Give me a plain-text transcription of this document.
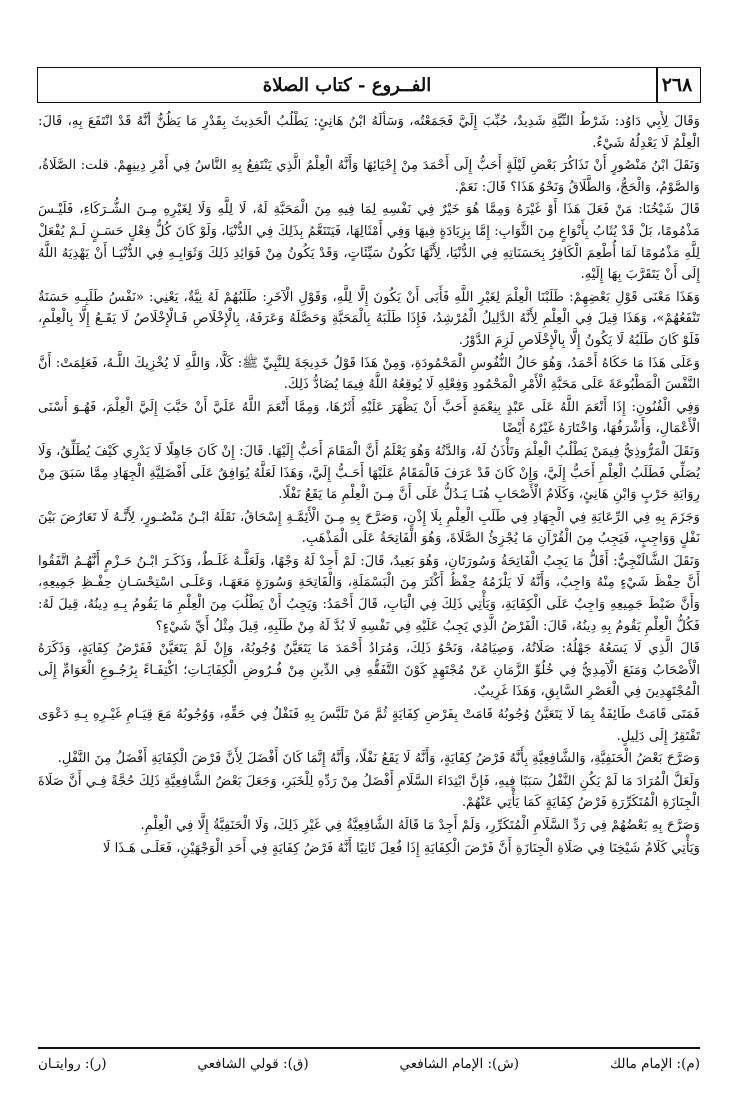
٢٦٨
الفــروع - كتاب الصلاة

وَقَالَ لِأَبِي دَاوُد: شَرْطُ النِّيَّةِ شَدِيدٌ، حُبِّبَ إِلَيَّ فَجَمَعْتُه، وَسَأَلَهُ ابْنُ هَانِئٍ: يَطْلُبُ الْحَدِيثَ بِقَدْرِ مَا يَظُنُّ أَنَّهُ قَدْ انْتَفَعَ بِهِ، قَالَ: الْعِلْمُ لَا يَعْدِلُهُ شَيْءٌ.

وَنَقَلَ ابْنُ مَنْصُورٍ أَنْ تَذَاكُرَ بَعْضِ لَيْلَةٍ أَحَبُّ إِلَى أَحْمَدَ مِنْ إِحْيَائِهَا وَأَنَّهُ الْعِلْمُ الَّذِي يَنْتَفِعُ بِهِ النَّاسُ فِي أَمْرِ دِينِهِمْ. قلت: الصَّلَاةُ، وَالصَّوْمُ، وَالْحَجُّ، وَالطَّلَاقُ وَنَحْوُ هَذَا؟ قَالَ: نَعَمْ.

قَالَ شَيْخُنَا: مَنْ فَعَلَ هَذَا أَوْ غَيْرَهُ وَمِمَّا هُوَ خَيْرٌ فِي نَفْسِهِ لِمَا فِيهِ مِنَ الْمَحَبَّةِ لَهُ، لَا لِلَّهِ وَلَا لِغَيْرِهِ مِـنَ الشُّـرَكَاءِ، فَلَيْـسَ مَذْمُومًا، بَلْ قَدْ يُثَابُ بِأَنْوَاعٍ مِنَ الثَّوَابِ: إِمَّا بِزِيَادَةٍ فِيهَا وَفِي أَمْثَالِهَا، فَيَتَنَعَّمُ بِذَلِكَ فِي الدُّنْيَا، وَلَوْ كَانَ كُلُّ فِعْلٍ حَسَـنٍ لَـمْ يُفْعَلْ لِلَّهِ مَذْمُومًا لَمَا أُطْعِمَ الْكَافِرُ بِحَسَنَاتِهِ فِي الدُّنْيَا، لِأَنَّهَا تَكُونُ سَيِّئَاتٍ، وَقَدْ يَكُونُ مِنْ فَوَائِدِ ذَلِكَ وَثَوَابِـهِ فِي الدُّنْيَـا أَنْ يَهْدِيَهُ اللَّهُ إِلَى أَنْ يَتَقَرَّبَ بِهَا إِلَيْهِ.

وَهَذَا مَعْنَى قَوْلِ بَعْضِهِمْ: طَلَبْنَا الْعِلْمَ لِغَيْرِ اللَّهِ فَأَبَى أَنْ يَكُونَ إِلَّا لِلَّهِ، وَقَوْلِ الْآخَرِ: طَلَبُهُمْ لَهُ نِيَّةٌ، يَعْنِي: «نَفْسُ طَلَبِـهِ حَسَنَةٌ تَنْفَعُهُمْ»، وَهَذَا قِيلَ فِي الْعِلْمِ لِأَنَّهُ الدَّلِيلُ الْمُرْشِدُ، فَإِذَا طَلَبَهُ بِالْمَحَبَّةِ وَحَصَّلَهُ وَعَرَفَهُ، بِالْإِخْلَاصِ فَـالْإِخْلَاصُ لَا يَقَـعُ إِلَّا بِالْعِلْمِ، فَلَوْ كَانَ طَلَبُهُ لَا يَكُونُ إِلَّا بِالْإِخْلَاصِ لَزِمَ الدَّوْرُ.

وَعَلَى هَذَا مَا حَكَاهُ أَحْمَدُ، وَهُوَ حَالُ النُّفُوسِ الْمَحْمُودَةِ، وَمِنْ هَذَا قَوْلُ خَدِيجَةَ لِلنَّبِيِّ ﷺ: كَلَّا، وَاللَّهِ لَا يُخْزِيكَ اللَّـهُ، فَعَلِمَتْ: أَنَّ النَّفْسَ الْمَطْبُوعَةَ عَلَى مَحَبَّةِ الْأَمْرِ الْمَحْمُودِ وَفِعْلِهِ لَا يُوقِعُهُ اللَّهُ فِيمَا يُضَادُّ ذَلِكَ.

وَفِي الْفُنُونِ: إِذَا أَنْعَمَ اللَّهُ عَلَى عَبْدٍ بِنِعْمَةٍ أَحَبَّ أَنْ يَظْهَرَ عَلَيْهِ أَثَرُهَا، وَمِمَّا أَنْعَمَ اللَّهُ عَلَيَّ أَنْ حَبَّبَ إِلَيَّ الْعِلْمَ، فَهُـوَ أَسْنَى الْأَعْمَالِ، وَأَشْرَفُهَا، وَاخْتَارَهُ غَيْرُهُ أَيْضًا

وَنَقَلَ الْمَرُّوذِيُّ فِيمَنْ يَطْلُبُ الْعِلْمَ وَتَأْذَنُ لَهُ، وَالدَّتُهُ وَهُوَ يَعْلَمُ أَنَّ الْمَقَامَ أَحَبُّ إِلَيْهَا. قَالَ: إِنْ كَانَ جَاهِلًا لَا يَدْرِي كَيْفَ يُطَلِّقُ، وَلَا يُصَلِّي فَطَلَبُ الْعِلْمِ أَحَبُّ إِلَيَّ، وَإِنْ كَانَ قَدْ عَرَفَ فَالْمَقَامُ عَلَيْهَا أَحَـبُّ إِلَيَّ، وَهَذَا لَعَلَّهُ يُوَافِقُ عَلَى أَفْضَلِيَّةِ الْجِهَادِ مِمَّا سَبَقَ مِنْ رِوَايَةِ حَرْبٍ وَابْنِ هَانِئٍ، وَكَلَامُ الْأَصْحَابِ هُنَـا يَـدُلُّ عَلَى أَنَّ مِـنَ الْعِلْمِ مَا يَقَعُ نَفْلًا.

وَجَزَمَ بِهِ فِي الرِّعَايَةِ فِي الْجِهَادِ فِي طَلَبِ الْعِلْمِ بِلَا إِذْنٍ، وَصَرَّحَ بِهِ مِـنَ الْأَئِمَّـةِ إِسْحَاقُ، نَقَلَهُ ابْـنُ مَنْصُـورٍ، لِأَنَّـهُ لَا تَعَارُضَ بَيْنَ نَفْلٍ وَوَاجِبٍ، فَيَجِبُ مِنَ الْقُرْآنِ مَا يُجْزِئُ الصَّلَاةَ، وَهُوَ الْفَاتِحَةُ عَلَى الْمَذْهَبِ.

وَنَقَلَ الشَّالَنْجِيُّ: أَقَلُّ مَا يَجِبُ الْفَاتِحَةُ وَسُورَتَانِ، وَهُوَ بَعِيدٌ، قَالَ: لَمْ أَجِدْ لَهُ وَجْهًا، وَلَعَلَّـهُ غَلَـطٌ، وَذَكَـرَ ابْـنُ حَـزْمٍ أَنَّهُـمُ اتَّفَقُوا أَنَّ حِفْظَ شَيْءٍ مِنْهُ وَاجِبٌ، وَأَنَّهُ لَا يَلْزَمُهُ حِفْظُ أَكْثَرَ مِنَ الْبَسْمَلَةِ، وَالْفَاتِحَةِ وَسُورَةٍ مَعَهَـا، وَعَلَـى اسْتِحْسَـانِ حِفْـظِ جَمِيعِهِ، وَأَنَّ ضَبْطَ جَمِيعِهِ وَاجِبٌ عَلَى الْكِفَايَةِ، وَيَأْتِي ذَلِكَ فِي الْبَابِ، قَالَ أَحْمَدُ: وَيَجِبُ أَنْ يَطْلُبَ مِنَ الْعِلْمِ مَا يَقُومُ بِـهِ دِينُهُ، قِيلَ لَهُ: فَكُلُّ الْعِلْمِ يَقُومُ بِهِ دِينُهُ، قَالَ: الْفَرْضُ الَّذِي يَجِبُ عَلَيْهِ فِي نَفْسِهِ لَا بُدَّ لَهُ مِنْ طَلَبِهِ، قِيلَ مِثْلُ أَيِّ شَيْءٍ؟

قَالَ الَّذِي لَا يَسَعُهُ جَهْلُهُ: صَلَاتُهُ، وَصِيَامُهُ، وَنَحْوُ ذَلِكَ، وَمُرَادُ أَحْمَدَ مَا يَتَعَيَّنُ وُجُوبُهُ، وَإِنْ لَمْ يَتَعَيَّنْ فَفَرْضُ كِفَايَةٍ، وَذَكَرَهُ الْأَصْحَابُ وَمَنَعَ الْآمِدِيُّ فِي خُلُوِّ الزَّمَانِ عَنْ مُجْتَهِدٍ كَوْنَ التَّفَقُّهِ فِي الدِّينِ مِنْ فُـرُوضِ الْكِفَايَـاتِ؛ اكْتِفَـاءً بِرُجُـوعِ الْعَوَامِّ إِلَى الْمُجْتَهِدِينَ فِي الْعَصْرِ السَّابِقِ، وَهَذَا غَرِيبٌ.

فَمَتَى قَامَتْ طَائِفَةٌ بِمَا لَا يَتَعَيَّنُ وُجُوبُهُ قَامَتْ بِفَرْضِ كِفَايَةٍ ثُمَّ مَنْ تَلَبَّسَ بِهِ فَنَفْلٌ فِي حَقِّهِ، وَوُجُوبُهُ مَعَ قِيَـامِ غَيْـرِهِ بِـهِ دَعْوَى تَفْتَقِرُ إِلَى دَلِيلٍ.

وَصَرَّحَ بَعْضُ الْحَنَفِيَّةِ، وَالشَّافِعِيَّةِ بِأَنَّهُ فَرْضُ كِفَايَةٍ، وَأَنَّهُ لَا يَقَعُ نَفْلًا، وَأَنَّهُ إِنَّمَا كَانَ أَفْضَلَ لِأَنَّ فَرْضَ الْكِفَايَةِ أَفْضَلُ مِنَ النَّفْلِ.

وَلَعَلَّ الْمُرَادَ مَا لَمْ يَكُنِ النَّفْلُ سَبَبًا فِيهِ، فَإِنَّ ابْتِدَاءَ السَّلَامِ أَفْضَلُ مِنْ رَدِّهِ لِلْخَبَرِ، وَجَعَلَ بَعْضُ الشَّافِعِيَّةِ ذَلِكَ حُجَّةً فِـي أَنَّ صَلَاةَ الْجِنَازَةِ الْمُتَكَرِّرَةِ فَرْضُ كِفَايَةٍ كَمَا يَأْتِي عَنْهُمْ.

وَصَرَّحَ بِهِ بَعْضُهُمْ فِي رَدِّ السَّلَامِ الْمُتَكَرِّرِ، وَلَمْ أَجِدْ مَا قَالَهُ الشَّافِعِيَّةُ فِي غَيْرِ ذَلِكَ، وَلَا الْحَنَفِيَّةُ إِلَّا فِي الْعِلْمِ.

وَيَأْتِي كَلَامُ شَيْخِنَا فِي صَلَاةِ الْجِنَازَةِ أَنَّ فَرْضَ الْكِفَايَةِ إِذَا فُعِلَ ثَانِيًا أَنَّهُ فَرْضُ كِفَايَةٍ فِي أَحَدِ الْوَجْهَيْنِ، فَعَلَـى هَـذَا لَا

(م): الإمام مالك
(ش): الإمام الشافعي
(ق): قولي الشافعي
(ر): روايتـان
